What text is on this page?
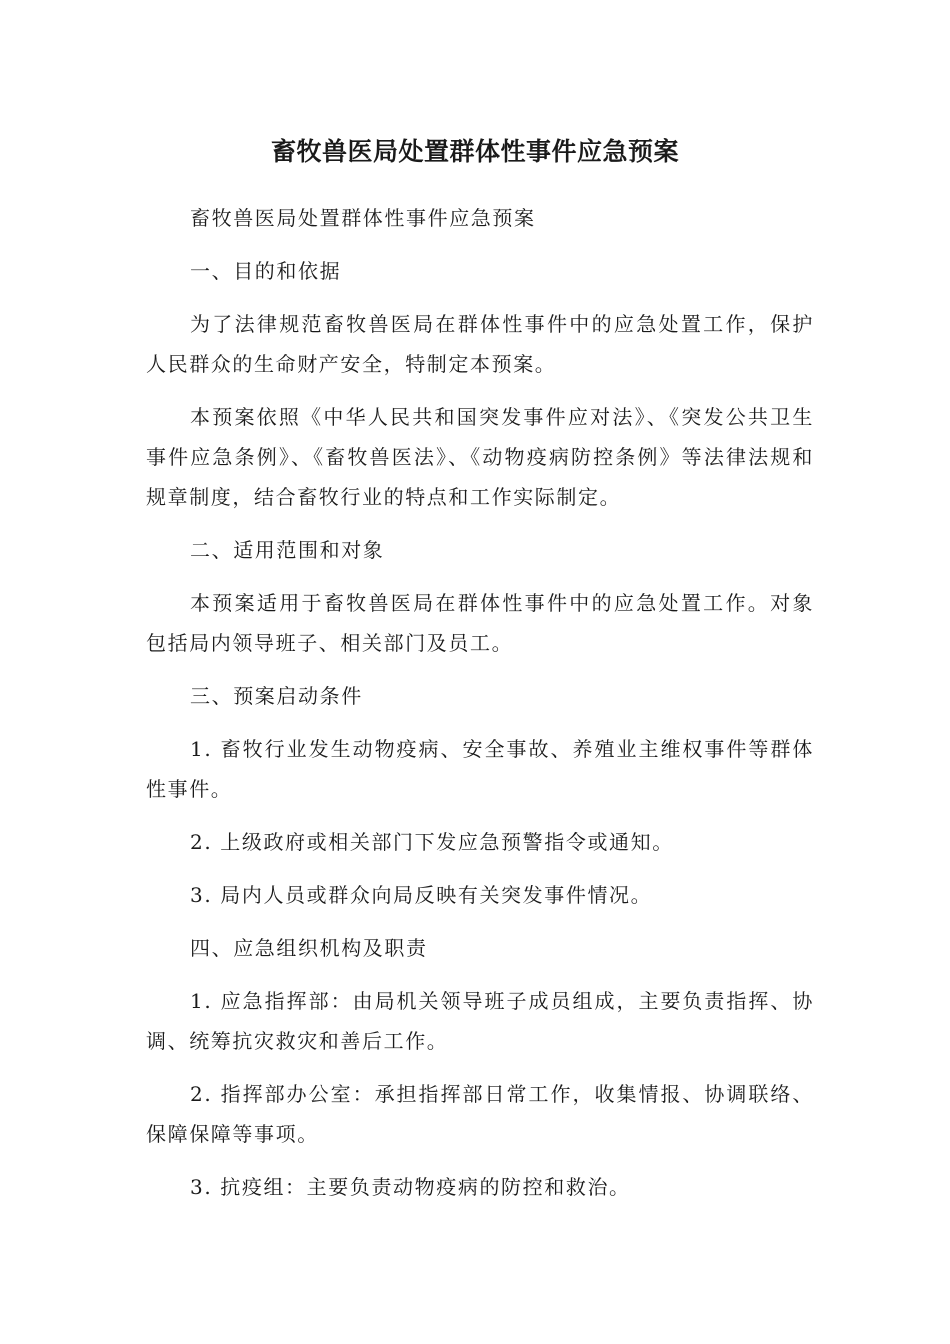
畜牧兽医局处置群体性事件应急预案

畜牧兽医局处置群体性事件应急预案

一、目的和依据

为了法律规范畜牧兽医局在群体性事件中的应急处置工作，保护人民群众的生命财产安全，特制定本预案。

本预案依照《中华人民共和国突发事件应对法》、《突发公共卫生事件应急条例》、《畜牧兽医法》、《动物疫病防控条例》等法律法规和规章制度，结合畜牧行业的特点和工作实际制定。

二、适用范围和对象

本预案适用于畜牧兽医局在群体性事件中的应急处置工作。对象包括局内领导班子、相关部门及员工。

三、预案启动条件

1. 畜牧行业发生动物疫病、安全事故、养殖业主维权事件等群体性事件。

2. 上级政府或相关部门下发应急预警指令或通知。

3. 局内人员或群众向局反映有关突发事件情况。

四、应急组织机构及职责

1. 应急指挥部：由局机关领导班子成员组成，主要负责指挥、协调、统筹抗灾救灾和善后工作。

2. 指挥部办公室：承担指挥部日常工作，收集情报、协调联络、保障保障等事项。

3. 抗疫组：主要负责动物疫病的防控和救治。
